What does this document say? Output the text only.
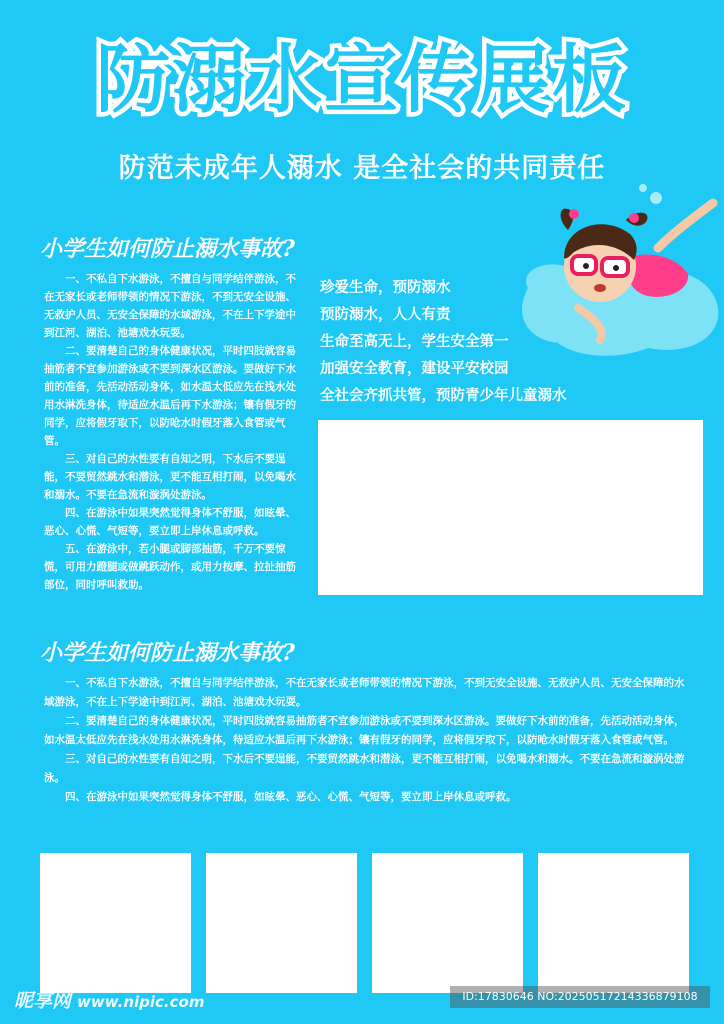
防溺水宣传展板
防范未成年人溺水 是全社会的共同责任
小学生如何防止溺水事故?

一、不私自下水游泳，不擅自与同学结伴游泳，不在无家长或老师带领的情况下游泳，不到无安全设施、无救护人员、无安全保障的水域游泳，不在上下学途中到江河、湖泊、池塘戏水玩耍。

二、要清楚自己的身体健康状况，平时四肢就容易抽筋者不宜参加游泳或不要到深水区游泳。要做好下水前的准备，先活动活动身体，如水温太低应先在浅水处用水淋洗身体，待适应水温后再下水游泳；镶有假牙的同学，应将假牙取下，以防呛水时假牙落入食管或气管。

三、对自己的水性要有自知之明，下水后不要逞能，不要贸然跳水和潜泳，更不能互相打闹，以免喝水和溺水。不要在急流和漩涡处游泳。

四、在游泳中如果突然觉得身体不舒服，如眩晕、恶心、心慌、气短等，要立即上岸休息或呼救。

五、在游泳中，若小腿或脚部抽筋，千万不要惊慌，可用力蹬腿或做跳跃动作，或用力按摩、拉扯抽筋部位，同时呼叫救助。

珍爱生命，预防溺水
预防溺水，人人有责
生命至高无上，学生安全第一
加强安全教育，建设平安校园
全社会齐抓共管，预防青少年儿童溺水
小学生如何防止溺水事故?

一、不私自下水游泳，不擅自与同学结伴游泳，不在无家长或老师带领的情况下游泳，不到无安全设施、无救护人员、无安全保障的水域游泳，不在上下学途中到江河、湖泊、池塘戏水玩耍。

二、要清楚自己的身体健康状况，平时四肢就容易抽筋者不宜参加游泳或不要到深水区游泳。要做好下水前的准备，先活动活动身体，如水温太低应先在浅水处用水淋洗身体，待适应水温后再下水游泳；镶有假牙的同学，应将假牙取下，以防呛水时假牙落入食管或气管。

三、对自己的水性要有自知之明，下水后不要逞能，不要贸然跳水和潜泳，更不能互相打闹，以免喝水和溺水。不要在急流和漩涡处游泳。

四、在游泳中如果突然觉得身体不舒服，如眩晕、恶心、心慌、气短等，要立即上岸休息或呼救。

昵享网 www.nipic.com	ID:17830646 NO:20250517214336879108
